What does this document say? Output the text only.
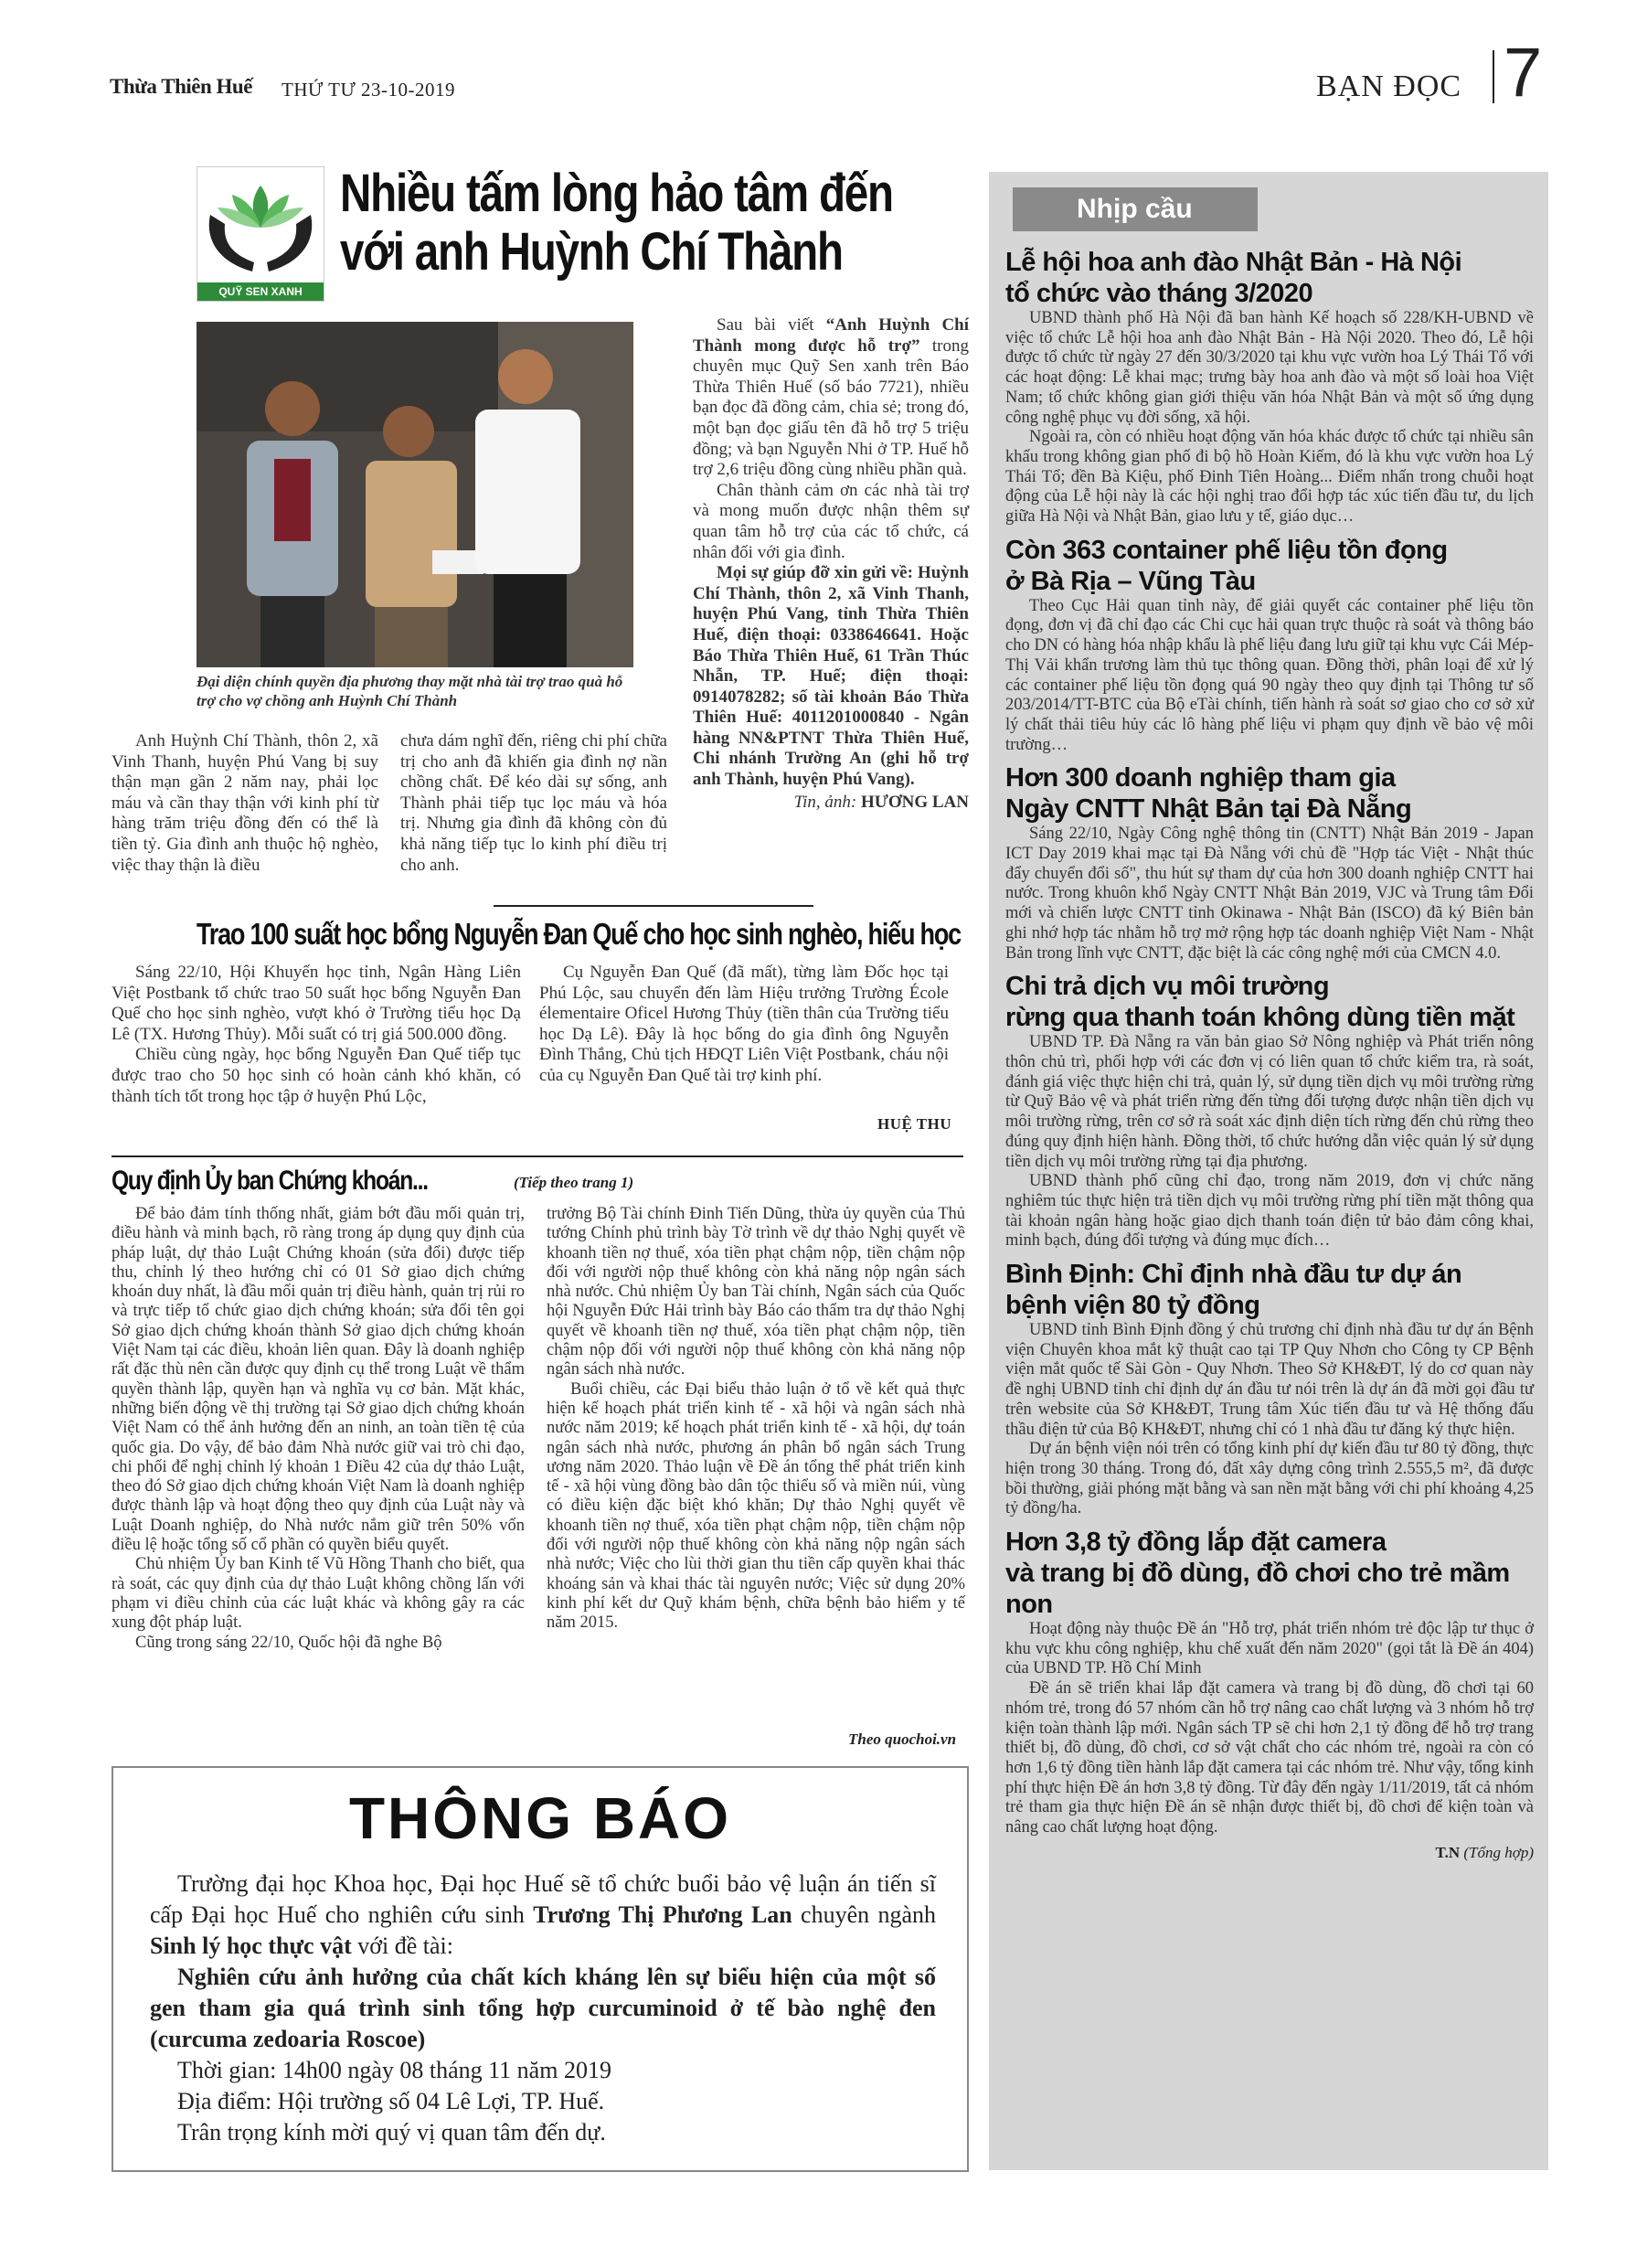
Thừa Thiên Huế THỨ TƯ 23-10-2019	BẠN ĐỌC 7
QUỸ SEN XANH
Nhiều tấm lòng hảo tâm đến
với anh Huỳnh Chí Thành
Đại diện chính quyền địa phương thay mặt nhà tài trợ trao quà hỗ trợ cho vợ chồng anh Huỳnh Chí Thành

Sau bài viết “Anh Huỳnh Chí Thành mong được hỗ trợ” trong chuyên mục Quỹ Sen xanh trên Báo Thừa Thiên Huế (số báo 7721), nhiều bạn đọc đã đồng cảm, chia sẻ; trong đó, một bạn đọc giấu tên đã hỗ trợ 5 triệu đồng; và bạn Nguyễn Nhi ở TP. Huế hỗ trợ 2,6 triệu đồng cùng nhiều phần quà.

Chân thành cảm ơn các nhà tài trợ và mong muốn được nhận thêm sự quan tâm hỗ trợ của các tổ chức, cá nhân đối với gia đình.

Mọi sự giúp đỡ xin gửi về: Huỳnh Chí Thành, thôn 2, xã Vinh Thanh, huyện Phú Vang, tỉnh Thừa Thiên Huế, điện thoại: 0338646641. Hoặc Báo Thừa Thiên Huế, 61 Trần Thúc Nhẫn, TP. Huế; điện thoại: 0914078282; số tài khoản Báo Thừa Thiên Huế: 4011201000840 - Ngân hàng NN&PTNT Thừa Thiên Huế, Chi nhánh Trường An (ghi hỗ trợ anh Thành, huyện Phú Vang).

Tin, ảnh: HƯƠNG LAN

Anh Huỳnh Chí Thành, thôn 2, xã Vinh Thanh, huyện Phú Vang bị suy thận mạn gần 2 năm nay, phải lọc máu và cần thay thận với kinh phí từ hàng trăm triệu đồng đến có thể là tiền tỷ. Gia đình anh thuộc hộ nghèo, việc thay thận là điều

chưa dám nghĩ đến, riêng chi phí chữa trị cho anh đã khiến gia đình nợ nần chồng chất. Để kéo dài sự sống, anh Thành phải tiếp tục lọc máu và hóa trị. Nhưng gia đình đã không còn đủ khả năng tiếp tục lo kinh phí điều trị cho anh.

Trao 100 suất học bổng Nguyễn Đan Quế cho học sinh nghèo, hiếu học

Sáng 22/10, Hội Khuyến học tỉnh, Ngân Hàng Liên Việt Postbank tổ chức trao 50 suất học bổng Nguyễn Đan Quế cho học sinh nghèo, vượt khó ở Trường tiểu học Dạ Lê (TX. Hương Thủy). Mỗi suất có trị giá 500.000 đồng.

Chiều cùng ngày, học bổng Nguyễn Đan Quế tiếp tục được trao cho 50 học sinh có hoàn cảnh khó khăn, có thành tích tốt trong học tập ở huyện Phú Lộc,

Cụ Nguyễn Đan Quế (đã mất), từng làm Đốc học tại Phú Lộc, sau chuyển đến làm Hiệu trưởng Trường École élementaire Oficel Hương Thủy (tiền thân của Trường tiểu học Dạ Lê). Đây là học bổng do gia đình ông Nguyễn Đình Thắng, Chủ tịch HĐQT Liên Việt Postbank, cháu nội của cụ Nguyễn Đan Quế tài trợ kinh phí.

HUỆ THU
Quy định Ủy ban Chứng khoán...	(Tiếp theo trang 1)

Để bảo đảm tính thống nhất, giảm bớt đầu mối quản trị, điều hành và minh bạch, rõ ràng trong áp dụng quy định của pháp luật, dự thảo Luật Chứng khoán (sửa đổi) được tiếp thu, chỉnh lý theo hướng chỉ có 01 Sở giao dịch chứng khoán duy nhất, là đầu mối quản trị điều hành, quản trị rủi ro và trực tiếp tổ chức giao dịch chứng khoán; sửa đổi tên gọi Sở giao dịch chứng khoán thành Sở giao dịch chứng khoán Việt Nam tại các điều, khoản liên quan. Đây là doanh nghiệp rất đặc thù nên cần được quy định cụ thể trong Luật về thẩm quyền thành lập, quyền hạn và nghĩa vụ cơ bản. Mặt khác, những biến động về thị trường tại Sở giao dịch chứng khoán Việt Nam có thể ảnh hưởng đến an ninh, an toàn tiền tệ của quốc gia. Do vậy, để bảo đảm Nhà nước giữ vai trò chi đạo, chi phối để nghị chỉnh lý khoản 1 Điều 42 của dự thảo Luật, theo đó Sở giao dịch chứng khoán Việt Nam là doanh nghiệp được thành lập và hoạt động theo quy định của Luật này và Luật Doanh nghiệp, do Nhà nước nắm giữ trên 50% vốn điều lệ hoặc tổng số cổ phần có quyền biểu quyết.

Chủ nhiệm Ủy ban Kinh tế Vũ Hồng Thanh cho biết, qua rà soát, các quy định của dự thảo Luật không chồng lấn với phạm vi điều chỉnh của các luật khác và không gây ra các xung đột pháp luật.

Cũng trong sáng 22/10, Quốc hội đã nghe Bộ

trưởng Bộ Tài chính Đinh Tiến Dũng, thừa ủy quyền của Thủ tướng Chính phủ trình bày Tờ trình về dự thảo Nghị quyết về khoanh tiền nợ thuế, xóa tiền phạt chậm nộp, tiền chậm nộp đối với người nộp thuế không còn khả năng nộp ngân sách nhà nước. Chủ nhiệm Ủy ban Tài chính, Ngân sách của Quốc hội Nguyễn Đức Hải trình bày Báo cáo thẩm tra dự thảo Nghị quyết về khoanh tiền nợ thuế, xóa tiền phạt chậm nộp, tiền chậm nộp đối với người nộp thuế không còn khả năng nộp ngân sách nhà nước.

Buổi chiều, các Đại biểu thảo luận ở tổ về kết quả thực hiện kế hoạch phát triển kinh tế - xã hội và ngân sách nhà nước năm 2019; kế hoạch phát triển kinh tế - xã hội, dự toán ngân sách nhà nước, phương án phân bổ ngân sách Trung ương năm 2020. Thảo luận về Đề án tổng thể phát triển kinh tế - xã hội vùng đồng bào dân tộc thiểu số và miền núi, vùng có điều kiện đặc biệt khó khăn; Dự thảo Nghị quyết về khoanh tiền nợ thuế, xóa tiền phạt chậm nộp, tiền chậm nộp đối với người nộp thuế không còn khả năng nộp ngân sách nhà nước; Việc cho lùi thời gian thu tiền cấp quyền khai thác khoáng sản và khai thác tài nguyên nước; Việc sử dụng 20% kinh phí kết dư Quỹ khám bệnh, chữa bệnh bảo hiểm y tế năm 2015.

Theo quochoi.vn
THÔNG BÁO

Trường đại học Khoa học, Đại học Huế sẽ tổ chức buổi bảo vệ luận án tiến sĩ cấp Đại học Huế cho nghiên cứu sinh Trương Thị Phương Lan chuyên ngành Sinh lý học thực vật với đề tài:

Nghiên cứu ảnh hưởng của chất kích kháng lên sự biểu hiện của một số gen tham gia quá trình sinh tổng hợp curcuminoid ở tế bào nghệ đen (curcuma zedoaria Roscoe)

Thời gian: 14h00 ngày 08 tháng 11 năm 2019

Địa điểm: Hội trường số 04 Lê Lợi, TP. Huế.

Trân trọng kính mời quý vị quan tâm đến dự.

Nhịp cầu
Lễ hội hoa anh đào Nhật Bản - Hà Nội
tổ chức vào tháng 3/2020

UBND thành phố Hà Nội đã ban hành Kế hoạch số 228/KH-UBND về việc tổ chức Lễ hội hoa anh đào Nhật Bản - Hà Nội 2020. Theo đó, Lễ hội được tổ chức từ ngày 27 đến 30/3/2020 tại khu vực vườn hoa Lý Thái Tổ với các hoạt động: Lễ khai mạc; trưng bày hoa anh đào và một số loài hoa Việt Nam; tổ chức không gian giới thiệu văn hóa Nhật Bản và một số ứng dụng công nghệ phục vụ đời sống, xã hội.

Ngoài ra, còn có nhiều hoạt động văn hóa khác được tổ chức tại nhiều sân khấu trong không gian phố đi bộ hồ Hoàn Kiếm, đó là khu vực vườn hoa Lý Thái Tổ; đền Bà Kiệu, phố Đinh Tiên Hoàng... Điểm nhấn trong chuỗi hoạt động của Lễ hội này là các hội nghị trao đổi hợp tác xúc tiến đầu tư, du lịch giữa Hà Nội và Nhật Bản, giao lưu y tế, giáo dục…

Còn 363 container phế liệu tồn đọng
ở Bà Rịa – Vũng Tàu

Theo Cục Hải quan tỉnh này, để giải quyết các container phế liệu tồn đọng, đơn vị đã chỉ đạo các Chi cục hải quan trực thuộc rà soát và thông báo cho DN có hàng hóa nhập khẩu là phế liệu đang lưu giữ tại khu vực Cái Mép-Thị Vải khẩn trương làm thủ tục thông quan. Đồng thời, phân loại để xử lý các container phế liệu tồn đọng quá 90 ngày theo quy định tại Thông tư số 203/2014/TT-BTC của Bộ eTài chính, tiến hành rà soát sơ giao cho cơ sở xử lý chất thải tiêu hủy các lô hàng phế liệu vi phạm quy định về bảo vệ môi trường…

Hơn 300 doanh nghiệp tham gia
Ngày CNTT Nhật Bản tại Đà Nẵng

Sáng 22/10, Ngày Công nghệ thông tin (CNTT) Nhật Bản 2019 - Japan ICT Day 2019 khai mạc tại Đà Nẵng với chủ đề "Hợp tác Việt - Nhật thúc đẩy chuyển đổi số", thu hút sự tham dự của hơn 300 doanh nghiệp CNTT hai nước. Trong khuôn khổ Ngày CNTT Nhật Bản 2019, VJC và Trung tâm Đổi mới và chiến lược CNTT tỉnh Okinawa - Nhật Bản (ISCO) đã ký Biên bản ghi nhớ hợp tác nhằm hỗ trợ mở rộng hợp tác doanh nghiệp Việt Nam - Nhật Bản trong lĩnh vực CNTT, đặc biệt là các công nghệ mới của CMCN 4.0.

Chi trả dịch vụ môi trường
rừng qua thanh toán không dùng tiền mặt

UBND TP. Đà Nẵng ra văn bản giao Sở Nông nghiệp và Phát triển nông thôn chủ trì, phối hợp với các đơn vị có liên quan tổ chức kiểm tra, rà soát, đánh giá việc thực hiện chi trả, quản lý, sử dụng tiền dịch vụ môi trường rừng từ Quỹ Bảo vệ và phát triển rừng đến từng đối tượng được nhận tiền dịch vụ môi trường rừng, trên cơ sở rà soát xác định diện tích rừng đến chủ rừng theo đúng quy định hiện hành. Đồng thời, tổ chức hướng dẫn việc quản lý sử dụng tiền dịch vụ môi trường rừng tại địa phương.

UBND thành phố cũng chỉ đạo, trong năm 2019, đơn vị chức năng nghiêm túc thực hiện trả tiền dịch vụ môi trường rừng phí tiền mặt thông qua tài khoản ngân hàng hoặc giao dịch thanh toán điện tử bảo đảm công khai, minh bạch, đúng đối tượng và đúng mục đích…

Bình Định: Chỉ định nhà đầu tư dự án
bệnh viện 80 tỷ đồng

UBND tỉnh Bình Định đồng ý chủ trương chỉ định nhà đầu tư dự án Bệnh viện Chuyên khoa mắt kỹ thuật cao tại TP Quy Nhơn cho Công ty CP Bệnh viện mắt quốc tế Sài Gòn - Quy Nhơn. Theo Sở KH&ĐT, lý do cơ quan này đề nghị UBND tỉnh chỉ định dự án đầu tư nói trên là dự án đã mời gọi đầu tư trên website của Sở KH&ĐT, Trung tâm Xúc tiến đầu tư và Hệ thống đấu thầu điện tử của Bộ KH&ĐT, nhưng chỉ có 1 nhà đầu tư đăng ký thực hiện.

Dự án bệnh viện nói trên có tổng kinh phí dự kiến đầu tư 80 tỷ đồng, thực hiện trong 30 tháng. Trong đó, đất xây dựng công trình 2.555,5 m², đã được bồi thường, giải phóng mặt bằng và san nền mặt bằng với chi phí khoảng 4,25 tỷ đồng/ha.

Hơn 3,8 tỷ đồng lắp đặt camera
và trang bị đồ dùng, đồ chơi cho trẻ mầm non

Hoạt động này thuộc Đề án "Hỗ trợ, phát triển nhóm trẻ độc lập tư thục ở khu vực khu công nghiệp, khu chế xuất đến năm 2020" (gọi tắt là Đề án 404) của UBND TP. Hồ Chí Minh

Đề án sẽ triển khai lắp đặt camera và trang bị đồ dùng, đồ chơi tại 60 nhóm trẻ, trong đó 57 nhóm cần hỗ trợ nâng cao chất lượng và 3 nhóm hỗ trợ kiện toàn thành lập mới. Ngân sách TP sẽ chi hơn 2,1 tỷ đồng để hỗ trợ trang thiết bị, đồ dùng, đồ chơi, cơ sở vật chất cho các nhóm trẻ, ngoài ra còn có hơn 1,6 tỷ đồng tiền hành lắp đặt camera tại các nhóm trẻ. Như vậy, tổng kinh phí thực hiện Đề án hơn 3,8 tỷ đồng. Từ đây đến ngày 1/11/2019, tất cả nhóm trẻ tham gia thực hiện Đề án sẽ nhận được thiết bị, đồ chơi để kiện toàn và nâng cao chất lượng hoạt động.

T.N (Tổng hợp)
